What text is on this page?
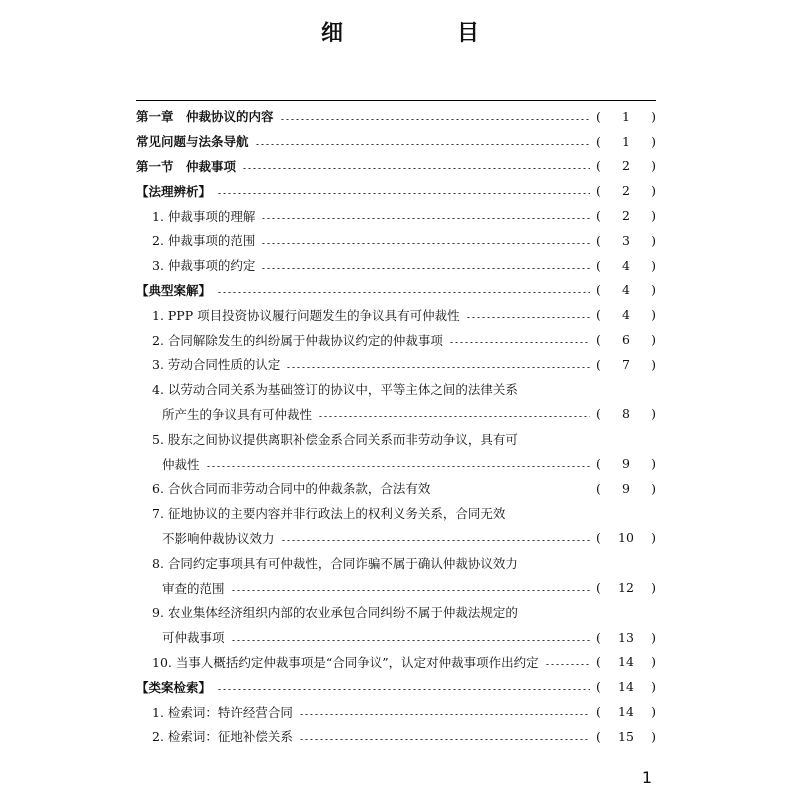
细　目
第一章　仲裁协议的内容	( 1 )
常见问题与法条导航	( 1 )
第一节　仲裁事项	( 2 )
【法理辨析】	( 2 )
1. 仲裁事项的理解	( 2 )
2. 仲裁事项的范围	( 3 )
3. 仲裁事项的约定	( 4 )
【典型案解】	( 4 )
1. PPP 项目投资协议履行问题发生的争议具有可仲裁性	( 4 )
2. 合同解除发生的纠纷属于仲裁协议约定的仲裁事项	( 6 )
3. 劳动合同性质的认定	( 7 )
4. 以劳动合同关系为基础签订的协议中，平等主体之间的法律关系
所产生的争议具有可仲裁性	( 8 )
5. 股东之间协议提供离职补偿金系合同关系而非劳动争议，具有可
仲裁性	( 9 )
6. 合伙合同而非劳动合同中的仲裁条款，合法有效	( 9 )
7. 征地协议的主要内容并非行政法上的权利义务关系，合同无效
不影响仲裁协议效力	( 10 )
8. 合同约定事项具有可仲裁性，合同诈骗不属于确认仲裁协议效力
审查的范围	( 12 )
9. 农业集体经济组织内部的农业承包合同纠纷不属于仲裁法规定的
可仲裁事项	( 13 )
10. 当事人概括约定仲裁事项是“合同争议”，认定对仲裁事项作出约定	( 14 )
【类案检索】	( 14 )
1. 检索词：特许经营合同	( 14 )
2. 检索词：征地补偿关系	( 15 )
1
